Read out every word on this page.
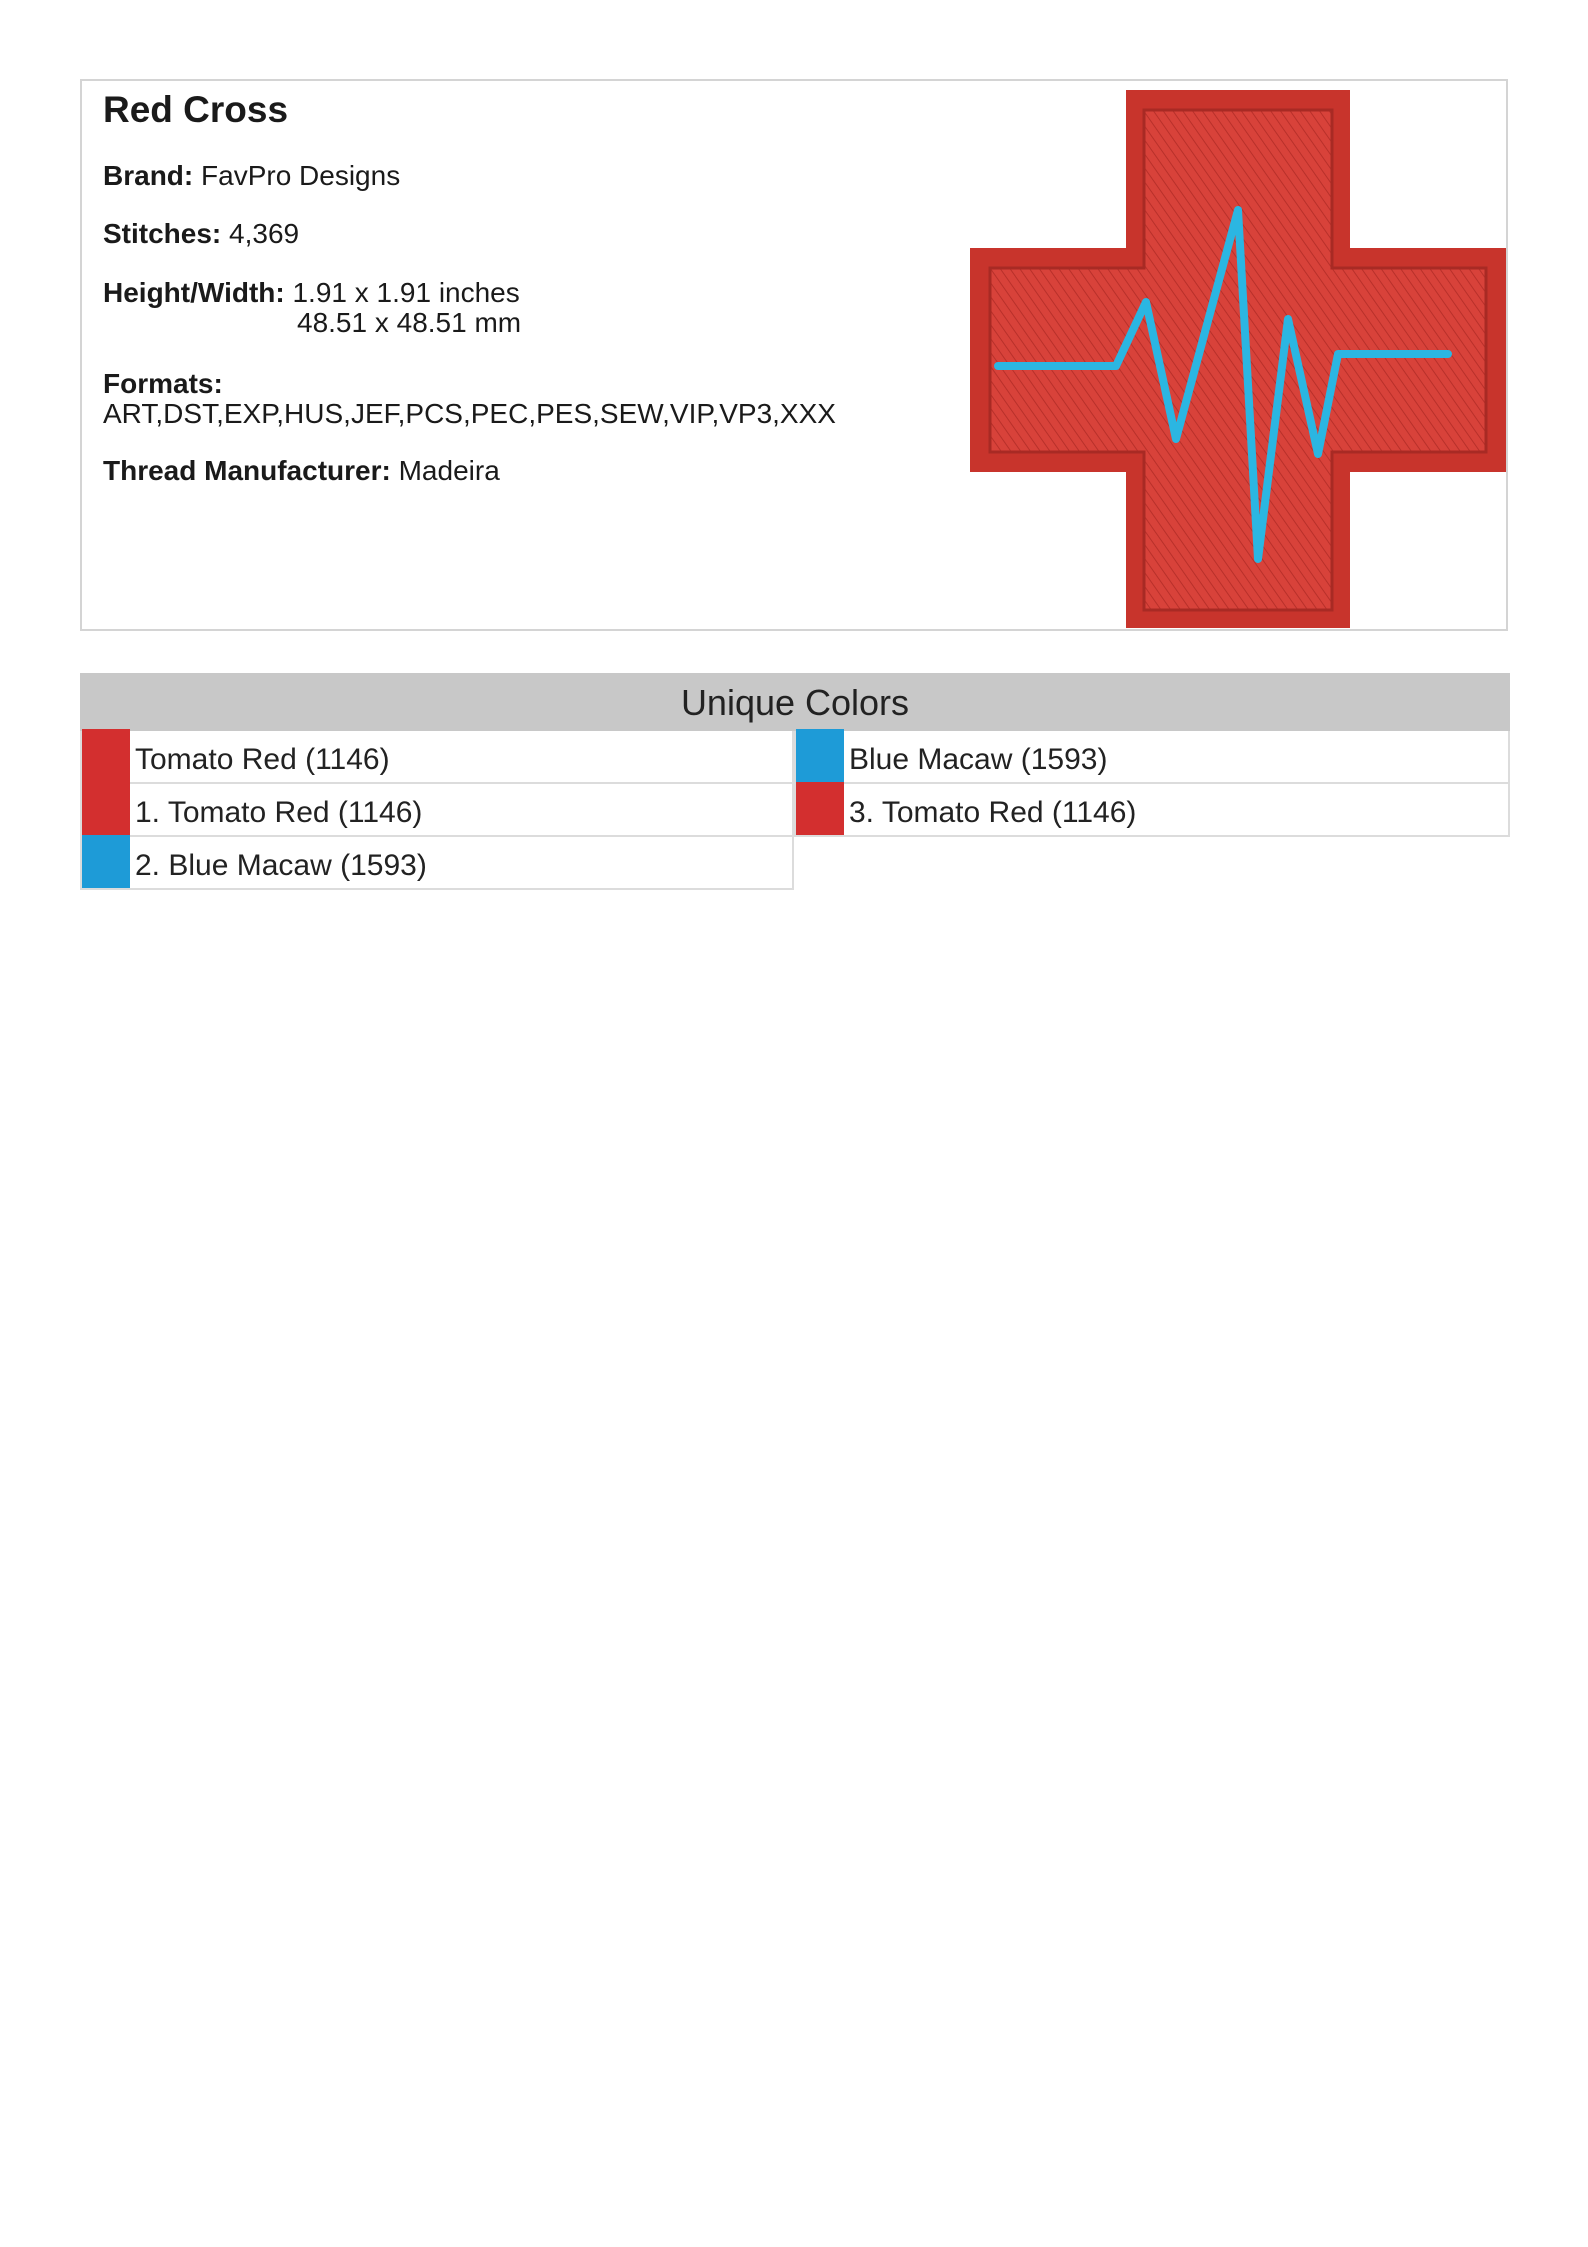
Red Cross
Brand: FavPro Designs
Stitches: 4,369
Height/Width: 1.91 x 1.91 inches
48.51 x 48.51 mm
Formats:
ART,DST,EXP,HUS,JEF,PCS,PEC,PES,SEW,VIP,VP3,XXX
Thread Manufacturer: Madeira
Unique Colors
Tomato Red (1146)	Blue Macaw (1593)
1. Tomato Red (1146)	3. Tomato Red (1146)
2. Blue Macaw (1593)
